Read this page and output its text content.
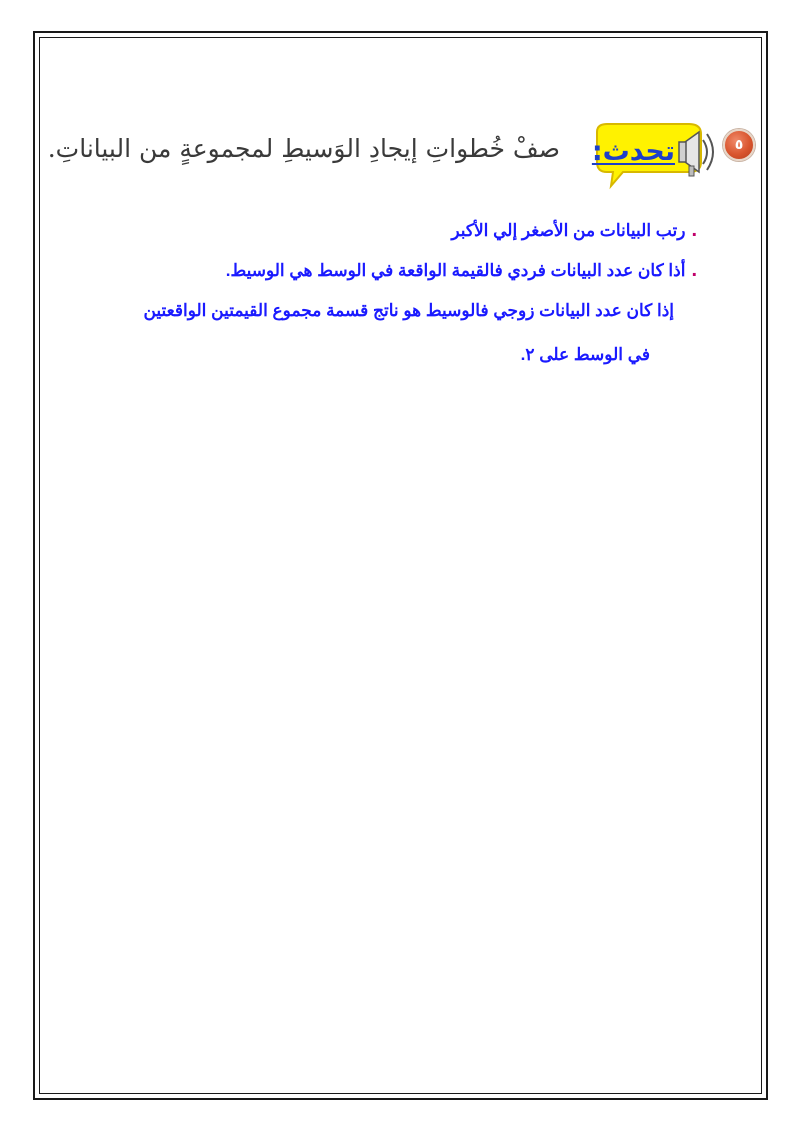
٥
تحدث:
صفْ خُطواتِ إيجادِ الوَسيطِ لمجموعةٍ من البياناتِ.
.رتب البيانات من الأصغر إلي الأكبر
.أذا كان عدد البيانات فردي فالقيمة الواقعة في الوسط هي الوسيط.
إذا كان عدد البيانات زوجي فالوسيط هو ناتج قسمة مجموع القيمتين الواقعتين
في الوسط على ٢.
